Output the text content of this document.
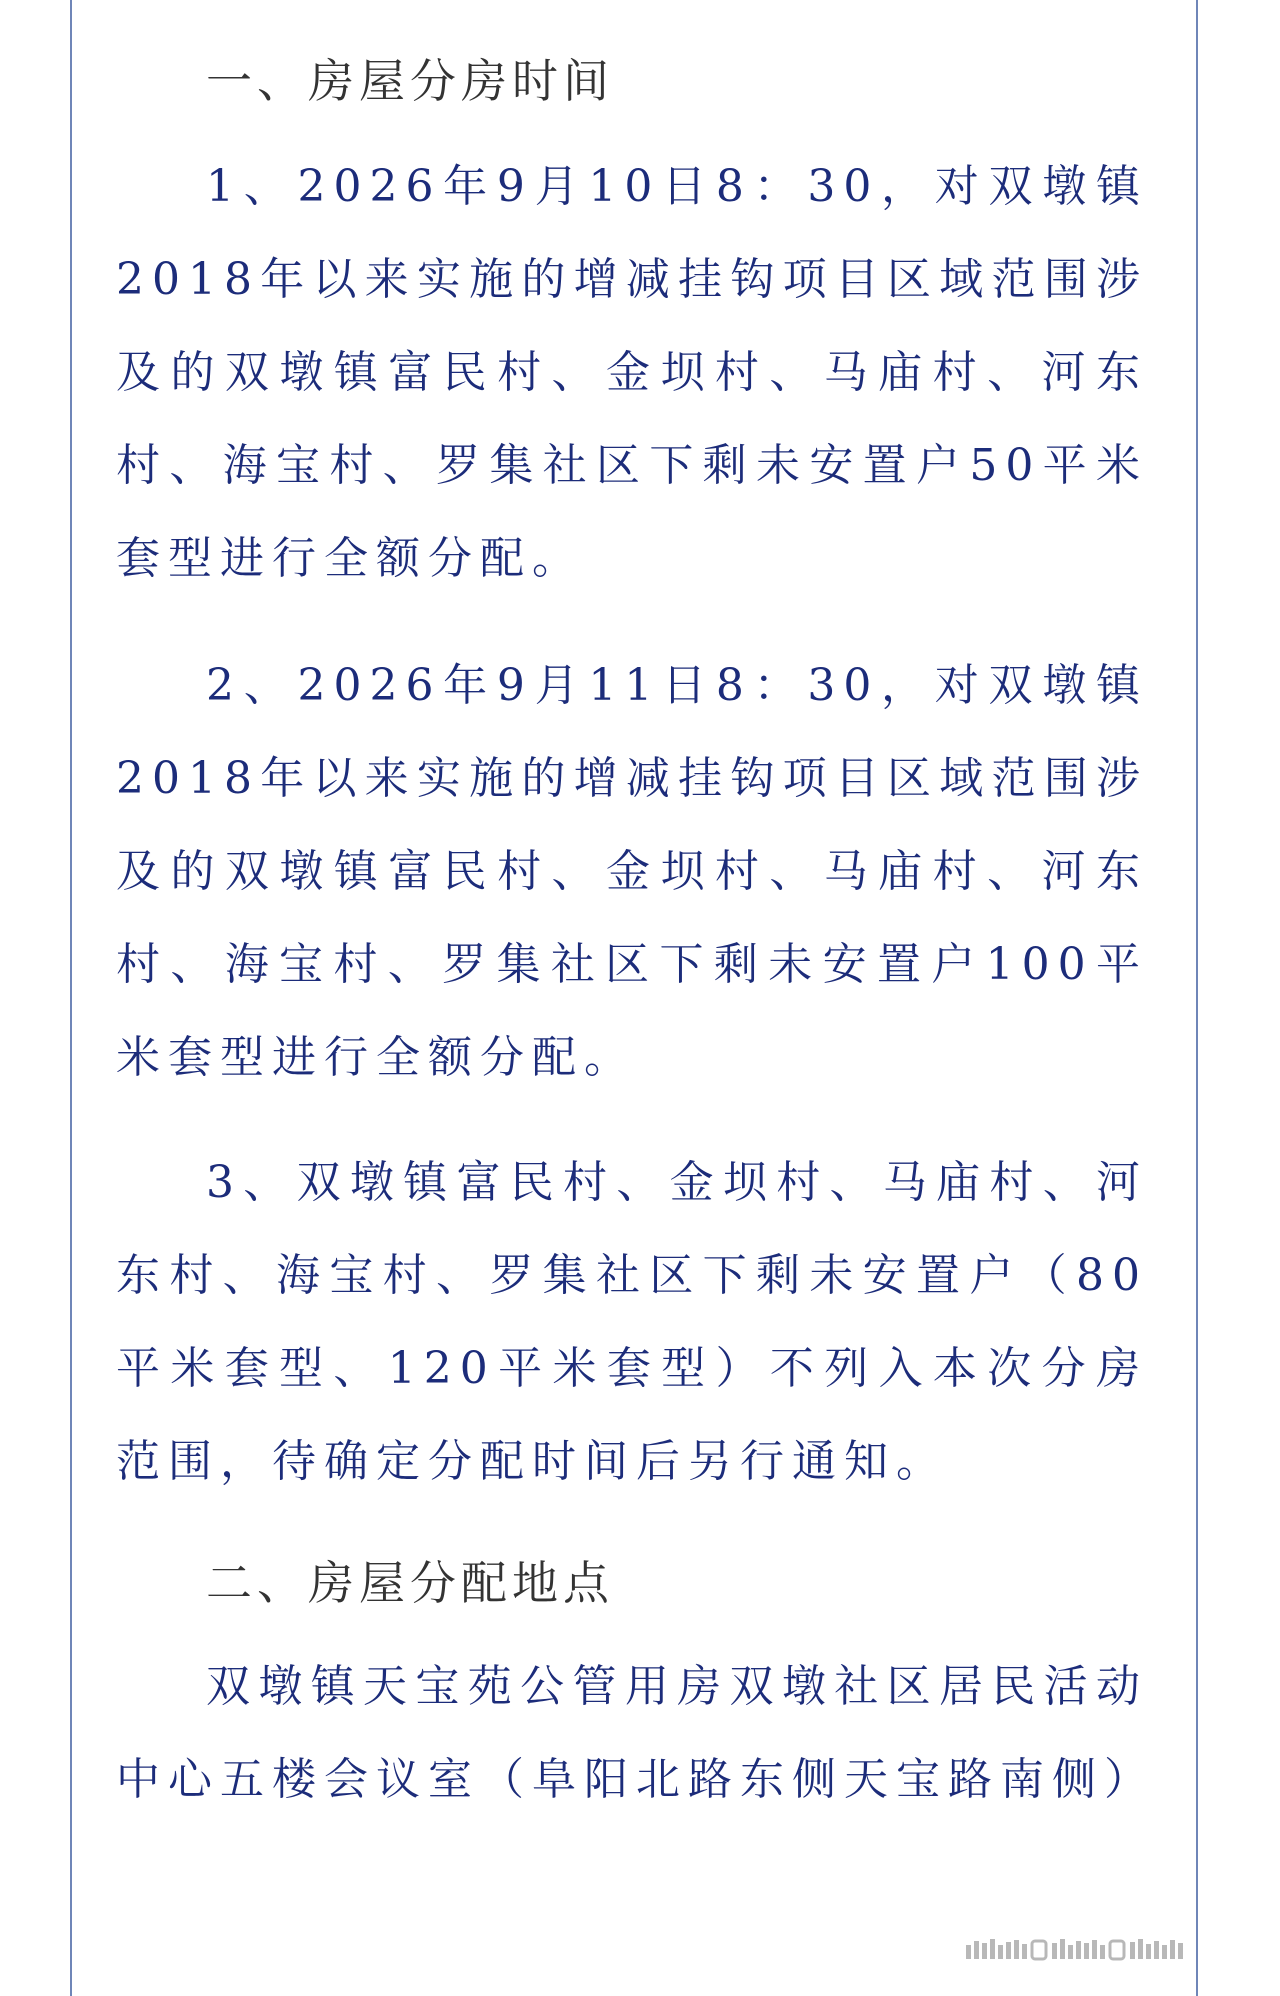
一、房屋分房时间
1、2026年9月10日8：30，对双墩镇2018年以来实施的增减挂钩项目区域范围涉及的双墩镇富民村、金坝村、马庙村、河东村、海宝村、罗集社区下剩未安置户50平米套型进行全额分配。
2、2026年9月11日8：30，对双墩镇2018年以来实施的增减挂钩项目区域范围涉及的双墩镇富民村、金坝村、马庙村、河东村、海宝村、罗集社区下剩未安置户100平米套型进行全额分配。
3、双墩镇富民村、金坝村、马庙村、河东村、海宝村、罗集社区下剩未安置户（80平米套型、120平米套型）不列入本次分房范围，待确定分配时间后另行通知。
二、房屋分配地点
双墩镇天宝苑公管用房双墩社区居民活动中心五楼会议室（阜阳北路东侧天宝路南侧）
